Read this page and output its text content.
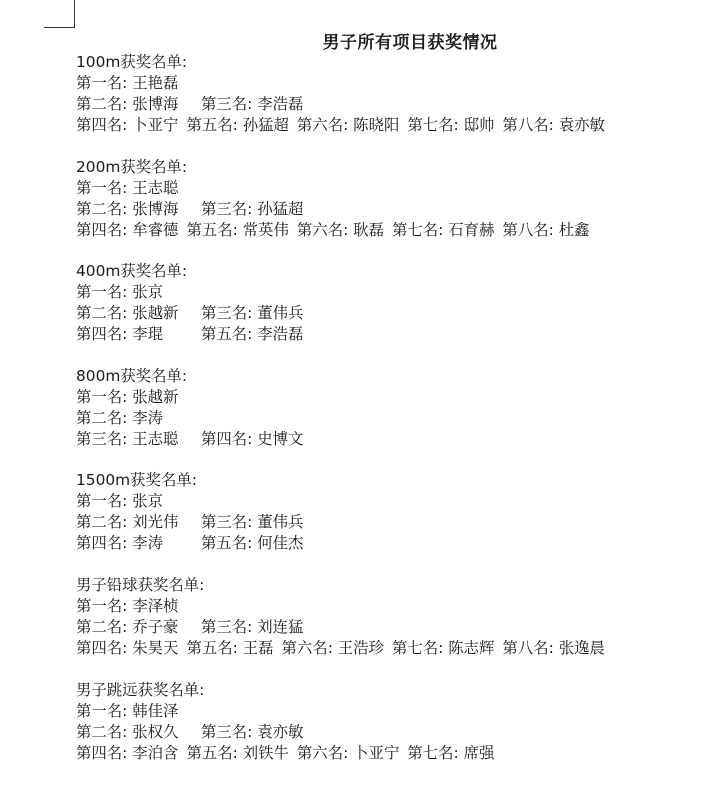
男子所有项目获奖情况
100m获奖名单:
第一名: 王艳磊
第二名: 张博海 第三名: 李浩磊
第四名: 卜亚宁 第五名: 孙猛超 第六名: 陈晓阳 第七名: 邸帅 第八名: 袁亦敏
200m获奖名单:
第一名: 王志聪
第二名: 张博海 第三名: 孙猛超
第四名: 牟睿德 第五名: 常英伟 第六名: 耿磊 第七名: 石育赫 第八名: 杜鑫
400m获奖名单:
第一名: 张京
第二名: 张越新 第三名: 董伟兵
第四名: 李琨 第五名: 李浩磊
800m获奖名单:
第一名: 张越新
第二名: 李涛
第三名: 王志聪 第四名: 史博文
1500m获奖名单:
第一名: 张京
第二名: 刘光伟 第三名: 董伟兵
第四名: 李涛 第五名: 何佳杰
男子铅球获奖名单:
第一名: 李泽桢
第二名: 乔子豪 第三名: 刘连猛
第四名: 朱昊天 第五名: 王磊 第六名: 王浩珍 第七名: 陈志辉 第八名: 张逸晨
男子跳远获奖名单:
第一名: 韩佳泽
第二名: 张权久 第三名: 袁亦敏
第四名: 李泊含 第五名: 刘铁牛 第六名: 卜亚宁 第七名: 席强
